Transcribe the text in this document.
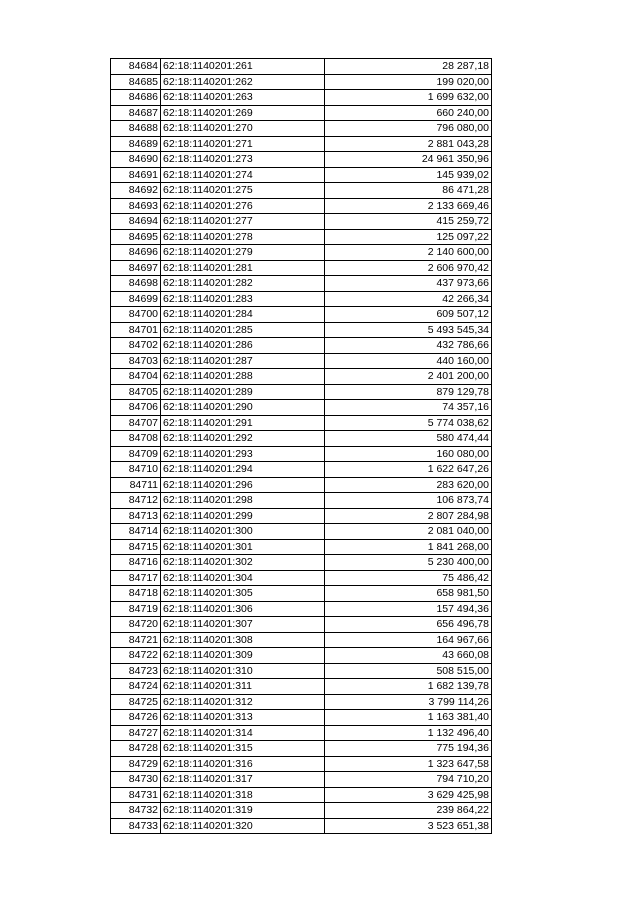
84684	62:18:1140201:261	28 287,18
84685	62:18:1140201:262	199 020,00
84686	62:18:1140201:263	1 699 632,00
84687	62:18:1140201:269	660 240,00
84688	62:18:1140201:270	796 080,00
84689	62:18:1140201:271	2 881 043,28
84690	62:18:1140201:273	24 961 350,96
84691	62:18:1140201:274	145 939,02
84692	62:18:1140201:275	86 471,28
84693	62:18:1140201:276	2 133 669,46
84694	62:18:1140201:277	415 259,72
84695	62:18:1140201:278	125 097,22
84696	62:18:1140201:279	2 140 600,00
84697	62:18:1140201:281	2 606 970,42
84698	62:18:1140201:282	437 973,66
84699	62:18:1140201:283	42 266,34
84700	62:18:1140201:284	609 507,12
84701	62:18:1140201:285	5 493 545,34
84702	62:18:1140201:286	432 786,66
84703	62:18:1140201:287	440 160,00
84704	62:18:1140201:288	2 401 200,00
84705	62:18:1140201:289	879 129,78
84706	62:18:1140201:290	74 357,16
84707	62:18:1140201:291	5 774 038,62
84708	62:18:1140201:292	580 474,44
84709	62:18:1140201:293	160 080,00
84710	62:18:1140201:294	1 622 647,26
84711	62:18:1140201:296	283 620,00
84712	62:18:1140201:298	106 873,74
84713	62:18:1140201:299	2 807 284,98
84714	62:18:1140201:300	2 081 040,00
84715	62:18:1140201:301	1 841 268,00
84716	62:18:1140201:302	5 230 400,00
84717	62:18:1140201:304	75 486,42
84718	62:18:1140201:305	658 981,50
84719	62:18:1140201:306	157 494,36
84720	62:18:1140201:307	656 496,78
84721	62:18:1140201:308	164 967,66
84722	62:18:1140201:309	43 660,08
84723	62:18:1140201:310	508 515,00
84724	62:18:1140201:311	1 682 139,78
84725	62:18:1140201:312	3 799 114,26
84726	62:18:1140201:313	1 163 381,40
84727	62:18:1140201:314	1 132 496,40
84728	62:18:1140201:315	775 194,36
84729	62:18:1140201:316	1 323 647,58
84730	62:18:1140201:317	794 710,20
84731	62:18:1140201:318	3 629 425,98
84732	62:18:1140201:319	239 864,22
84733	62:18:1140201:320	3 523 651,38
